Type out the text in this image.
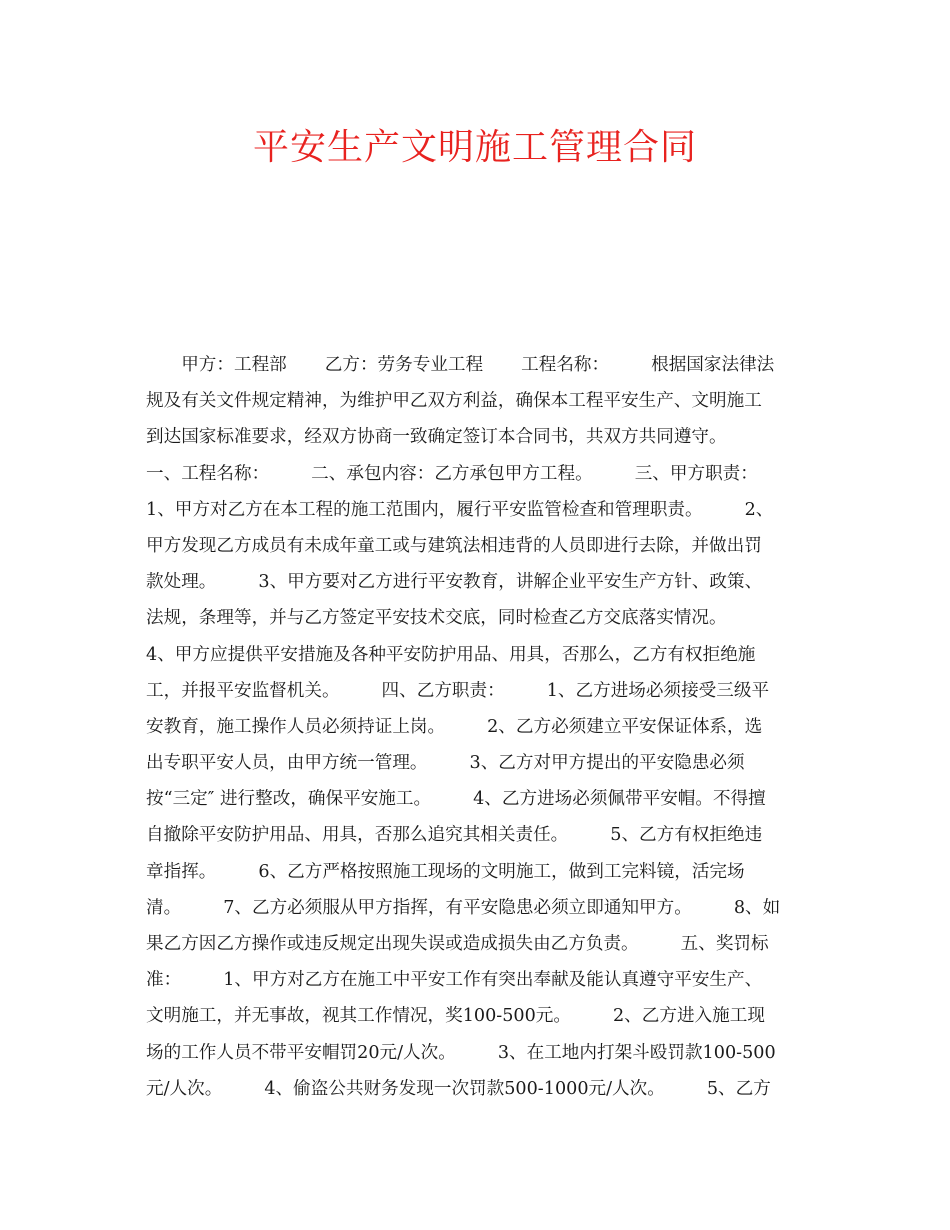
平安生产文明施工管理合同
　　甲方：工程部 乙方：劳务专业工程 工程名称： 根据国家法律法
规及有关文件规定精神，为维护甲乙双方利益，确保本工程平安生产、文明施工
到达国家标准要求，经双方协商一致确定签订本合同书，共双方共同遵守。
一、工程名称： 二、承包内容：乙方承包甲方工程。 三、甲方职责：
1、甲方对乙方在本工程的施工范围内，履行平安监管检查和管理职责。 2、
甲方发现乙方成员有未成年童工或与建筑法相违背的人员即进行去除，并做出罚
款处理。 3、甲方要对乙方进行平安教育，讲解企业平安生产方针、政策、
法规，条理等，并与乙方签定平安技术交底，同时检查乙方交底落实情况。
4、甲方应提供平安措施及各种平安防护用品、用具，否那么，乙方有权拒绝施
工，并报平安监督机关。 四、乙方职责： 1、乙方进场必须接受三级平
安教育，施工操作人员必须持证上岗。 2、乙方必须建立平安保证体系，选
出专职平安人员，由甲方统一管理。 3、乙方对甲方提出的平安隐患必须
按“三定″ 进行整改，确保平安施工。 4、乙方进场必须佩带平安帽。不得擅
自撤除平安防护用品、用具，否那么追究其相关责任。 5、乙方有权拒绝违
章指挥。 6、乙方严格按照施工现场的文明施工，做到工完料镜，活完场
清。 7、乙方必须服从甲方指挥，有平安隐患必须立即通知甲方。 8、如
果乙方因乙方操作或违反规定出现失误或造成损失由乙方负责。 五、奖罚标
准： 1、甲方对乙方在施工中平安工作有突出奉献及能认真遵守平安生产、
文明施工，并无事故，视其工作情况，奖100-500元。 2、乙方进入施工现
场的工作人员不带平安帽罚20元/人次。 3、在工地内打架斗殴罚款100-500
元/人次。 4、偷盗公共财务发现一次罚款500-1000元/人次。 5、乙方
